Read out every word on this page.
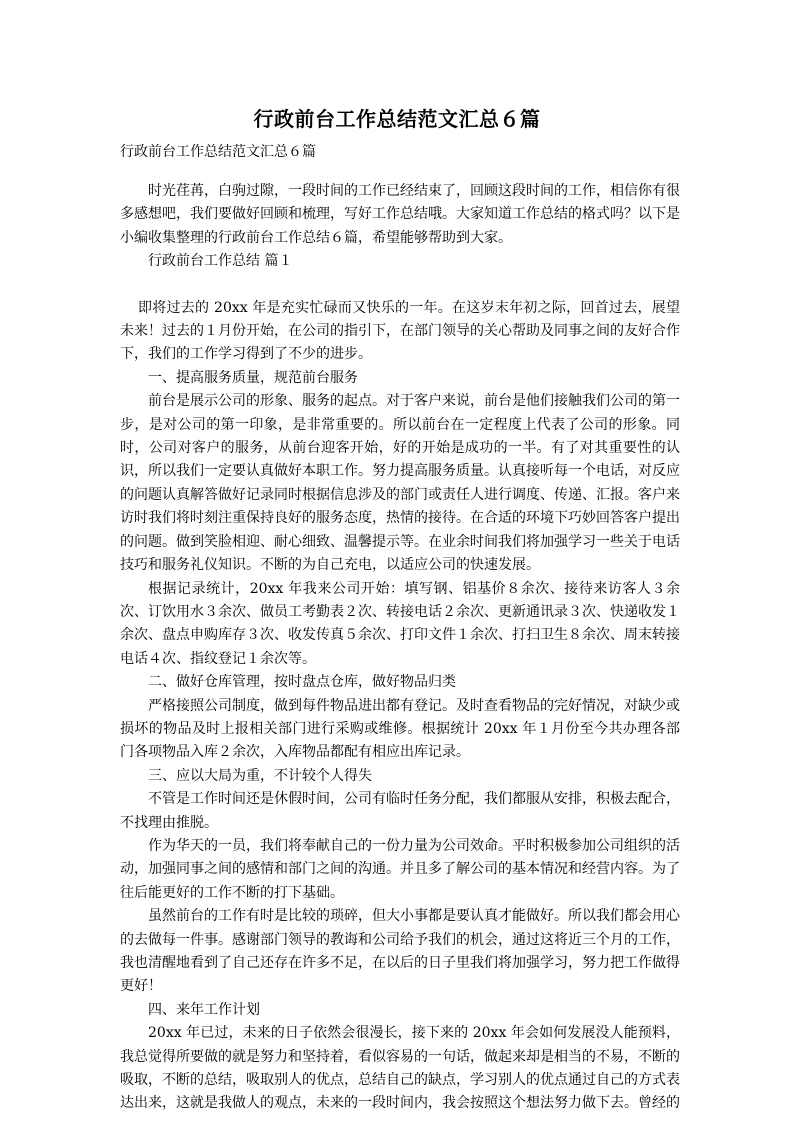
行政前台工作总结范文汇总６篇
行政前台工作总结范文汇总６篇

时光荏苒，白驹过隙，一段时间的工作已经结束了，回顾这段时间的工作，相信你有很多感想吧，我们要做好回顾和梳理，写好工作总结哦。大家知道工作总结的格式吗？以下是小编收集整理的行政前台工作总结６篇，希望能够帮助到大家。

行政前台工作总结 篇１

即将过去的 20xx 年是充实忙碌而又快乐的一年。在这岁末年初之际，回首过去，展望未来！过去的１月份开始，在公司的指引下，在部门领导的关心帮助及同事之间的友好合作下，我们的工作学习得到了不少的进步。

一、提高服务质量，规范前台服务

前台是展示公司的形象、服务的起点。对于客户来说，前台是他们接触我们公司的第一步，是对公司的第一印象，是非常重要的。所以前台在一定程度上代表了公司的形象。同时，公司对客户的服务，从前台迎客开始，好的开始是成功的一半。有了对其重要性的认识，所以我们一定要认真做好本职工作。努力提高服务质量。认真接听每一个电话，对反应的问题认真解答做好记录同时根据信息涉及的部门或责任人进行调度、传递、汇报。客户来访时我们将时刻注重保持良好的服务态度，热情的接待。在合适的环境下巧妙回答客户提出的问题。做到笑脸相迎、耐心细致、温馨提示等。在业余时间我们将加强学习一些关于电话技巧和服务礼仪知识。不断的为自己充电，以适应公司的快速发展。

根据记录统计，20xx 年我来公司开始：填写钢、铝基价８余次、接待来访客人３余次、订饮用水３余次、做员工考勤表２次、转接电话２余次、更新通讯录３次、快递收发１余次、盘点申购库存３次、收发传真５余次、打印文件１余次、打扫卫生８余次、周末转接电话４次、指纹登记１余次等。

二、做好仓库管理，按时盘点仓库，做好物品归类

严格接照公司制度，做到每件物品进出都有登记。及时查看物品的完好情况，对缺少或损坏的物品及时上报相关部门进行采购或维修。根据统计 20xx 年１月份至今共办理各部门各项物品入库２余次，入库物品都配有相应出库记录。

三、应以大局为重，不计较个人得失

不管是工作时间还是休假时间，公司有临时任务分配，我们都服从安排，积极去配合，不找理由推脱。

作为华天的一员，我们将奉献自己的一份力量为公司效命。平时积极参加公司组织的活动，加强同事之间的感情和部门之间的沟通。并且多了解公司的基本情况和经营内容。为了往后能更好的工作不断的打下基础。

虽然前台的工作有时是比较的琐碎，但大小事都是要认真才能做好。所以我们都会用心的去做每一件事。感谢部门领导的教诲和公司给予我们的机会，通过这将近三个月的工作，我也清醒地看到了自己还存在许多不足，在以后的日子里我们将加强学习，努力把工作做得更好！

四、来年工作计划

20xx 年已过，未来的日子依然会很漫长，接下来的 20xx 年会如何发展没人能预料，我总觉得所要做的就是努力和坚持着，看似容易的一句话，做起来却是相当的不易，不断的吸取，不断的总结，吸取别人的优点，总结自己的缺点，学习别人的优点通过自己的方式表达出来，这就是我做人的观点，未来的一段时间内，我会按照这个想法努力做下去。曾经的
